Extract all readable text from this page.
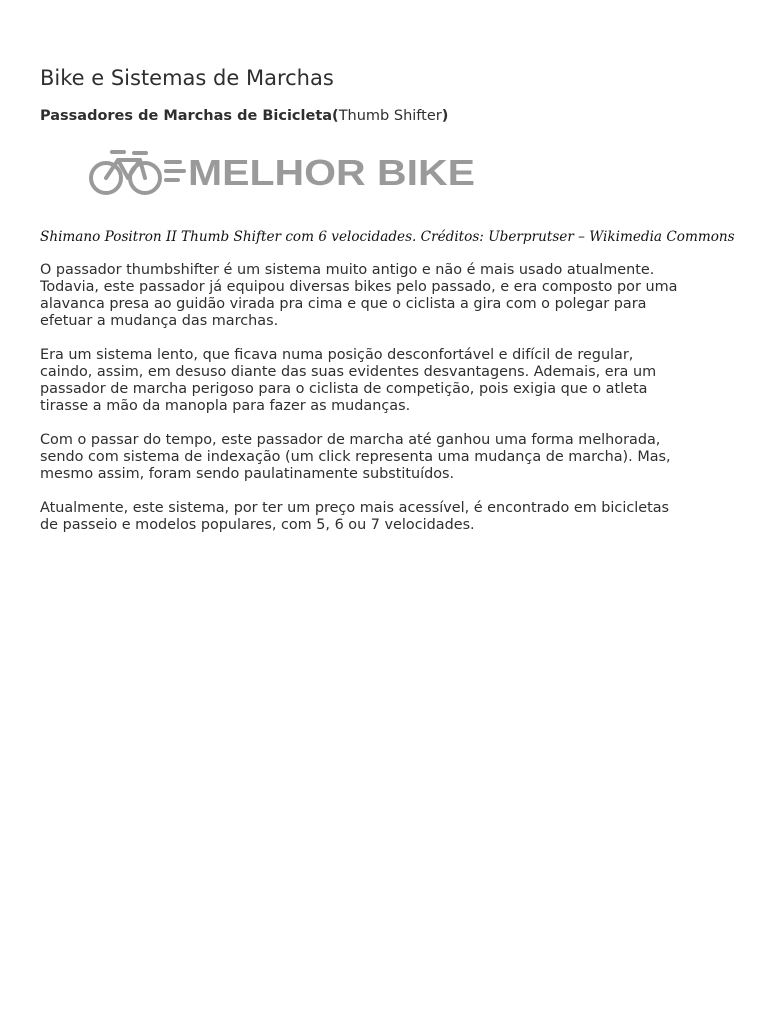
Bike e Sistemas de Marchas

Passadores de Marchas de Bicicleta(Thumb Shifter)

MELHOR BIKE

Shimano Positron II Thumb Shifter com 6 velocidades. Créditos: Uberprutser – Wikimedia Commons

O passador thumbshifter é um sistema muito antigo e não é mais usado atualmente.
Todavia, este passador já equipou diversas bikes pelo passado, e era composto por uma
alavanca presa ao guidão virada pra cima e que o ciclista a gira com o polegar para
efetuar a mudança das marchas.

Era um sistema lento, que ficava numa posição desconfortável e difícil de regular,
caindo, assim, em desuso diante das suas evidentes desvantagens. Ademais, era um
passador de marcha perigoso para o ciclista de competição, pois exigia que o atleta
tirasse a mão da manopla para fazer as mudanças.

Com o passar do tempo, este passador de marcha até ganhou uma forma melhorada,
sendo com sistema de indexação (um click representa uma mudança de marcha). Mas,
mesmo assim, foram sendo paulatinamente substituídos.

Atualmente, este sistema, por ter um preço mais acessível, é encontrado em bicicletas
de passeio e modelos populares, com 5, 6 ou 7 velocidades.
